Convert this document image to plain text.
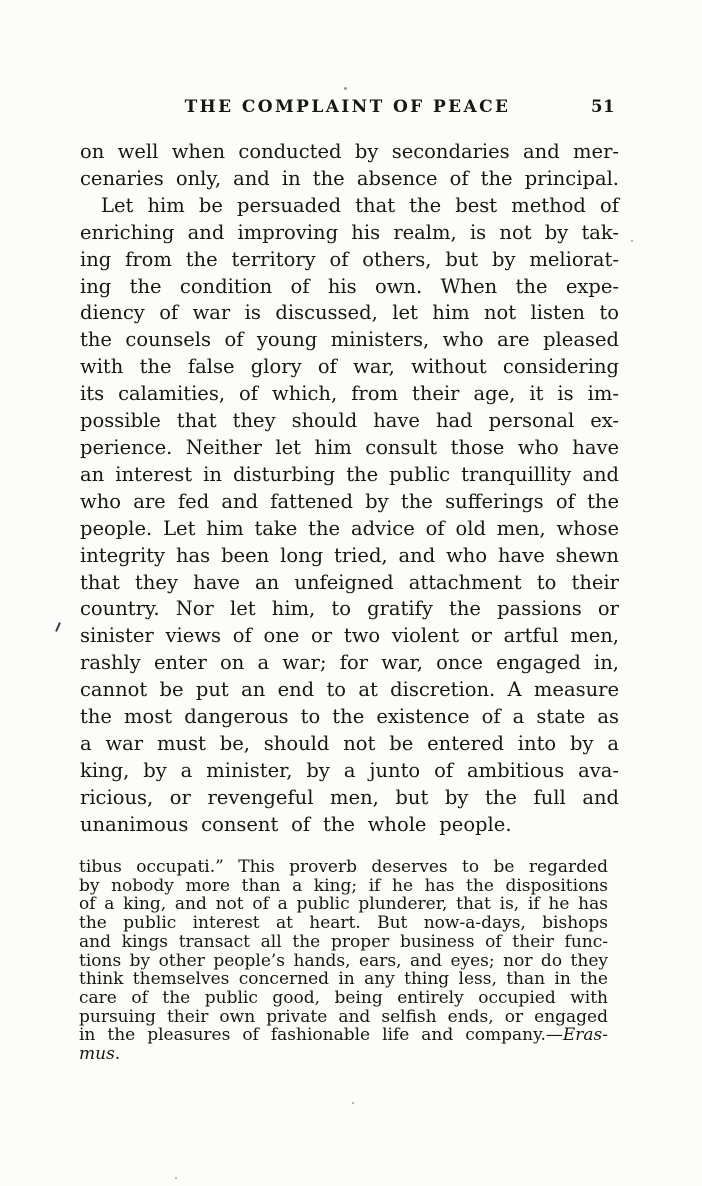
THE COMPLAINT OF PEACE	51
on well when conducted by secondaries and mer-
cenaries only, and in the absence of the principal.
Let him be persuaded that the best method of
enriching and improving his realm, is not by tak-
ing from the territory of others, but by meliorat-
ing the condition of his own. When the expe-
diency of war is discussed, let him not listen to
the counsels of young ministers, who are pleased
with the false glory of war, without considering
its calamities, of which, from their age, it is im-
possible that they should have had personal ex-
perience. Neither let him consult those who have
an interest in disturbing the public tranquillity and
who are fed and fattened by the sufferings of the
people. Let him take the advice of old men, whose
integrity has been long tried, and who have shewn
that they have an unfeigned attachment to their
country. Nor let him, to gratify the passions or
sinister views of one or two violent or artful men,
rashly enter on a war; for war, once engaged in,
cannot be put an end to at discretion. A measure
the most dangerous to the existence of a state as
a war must be, should not be entered into by a
king, by a minister, by a junto of ambitious ava-
ricious, or revengeful men, but by the full and
unanimous consent of the whole people.
tibus occupati.” This proverb deserves to be regarded
by nobody more than a king; if he has the dispositions
of a king, and not of a public plunderer, that is, if he has
the public interest at heart. But now-a-days, bishops
and kings transact all the proper business of their func-
tions by other people’s hands, ears, and eyes; nor do they
think themselves concerned in any thing less, than in the
care of the public good, being entirely occupied with
pursuing their own private and selfish ends, or engaged
in the pleasures of fashionable life and company.—Eras-
mus.
